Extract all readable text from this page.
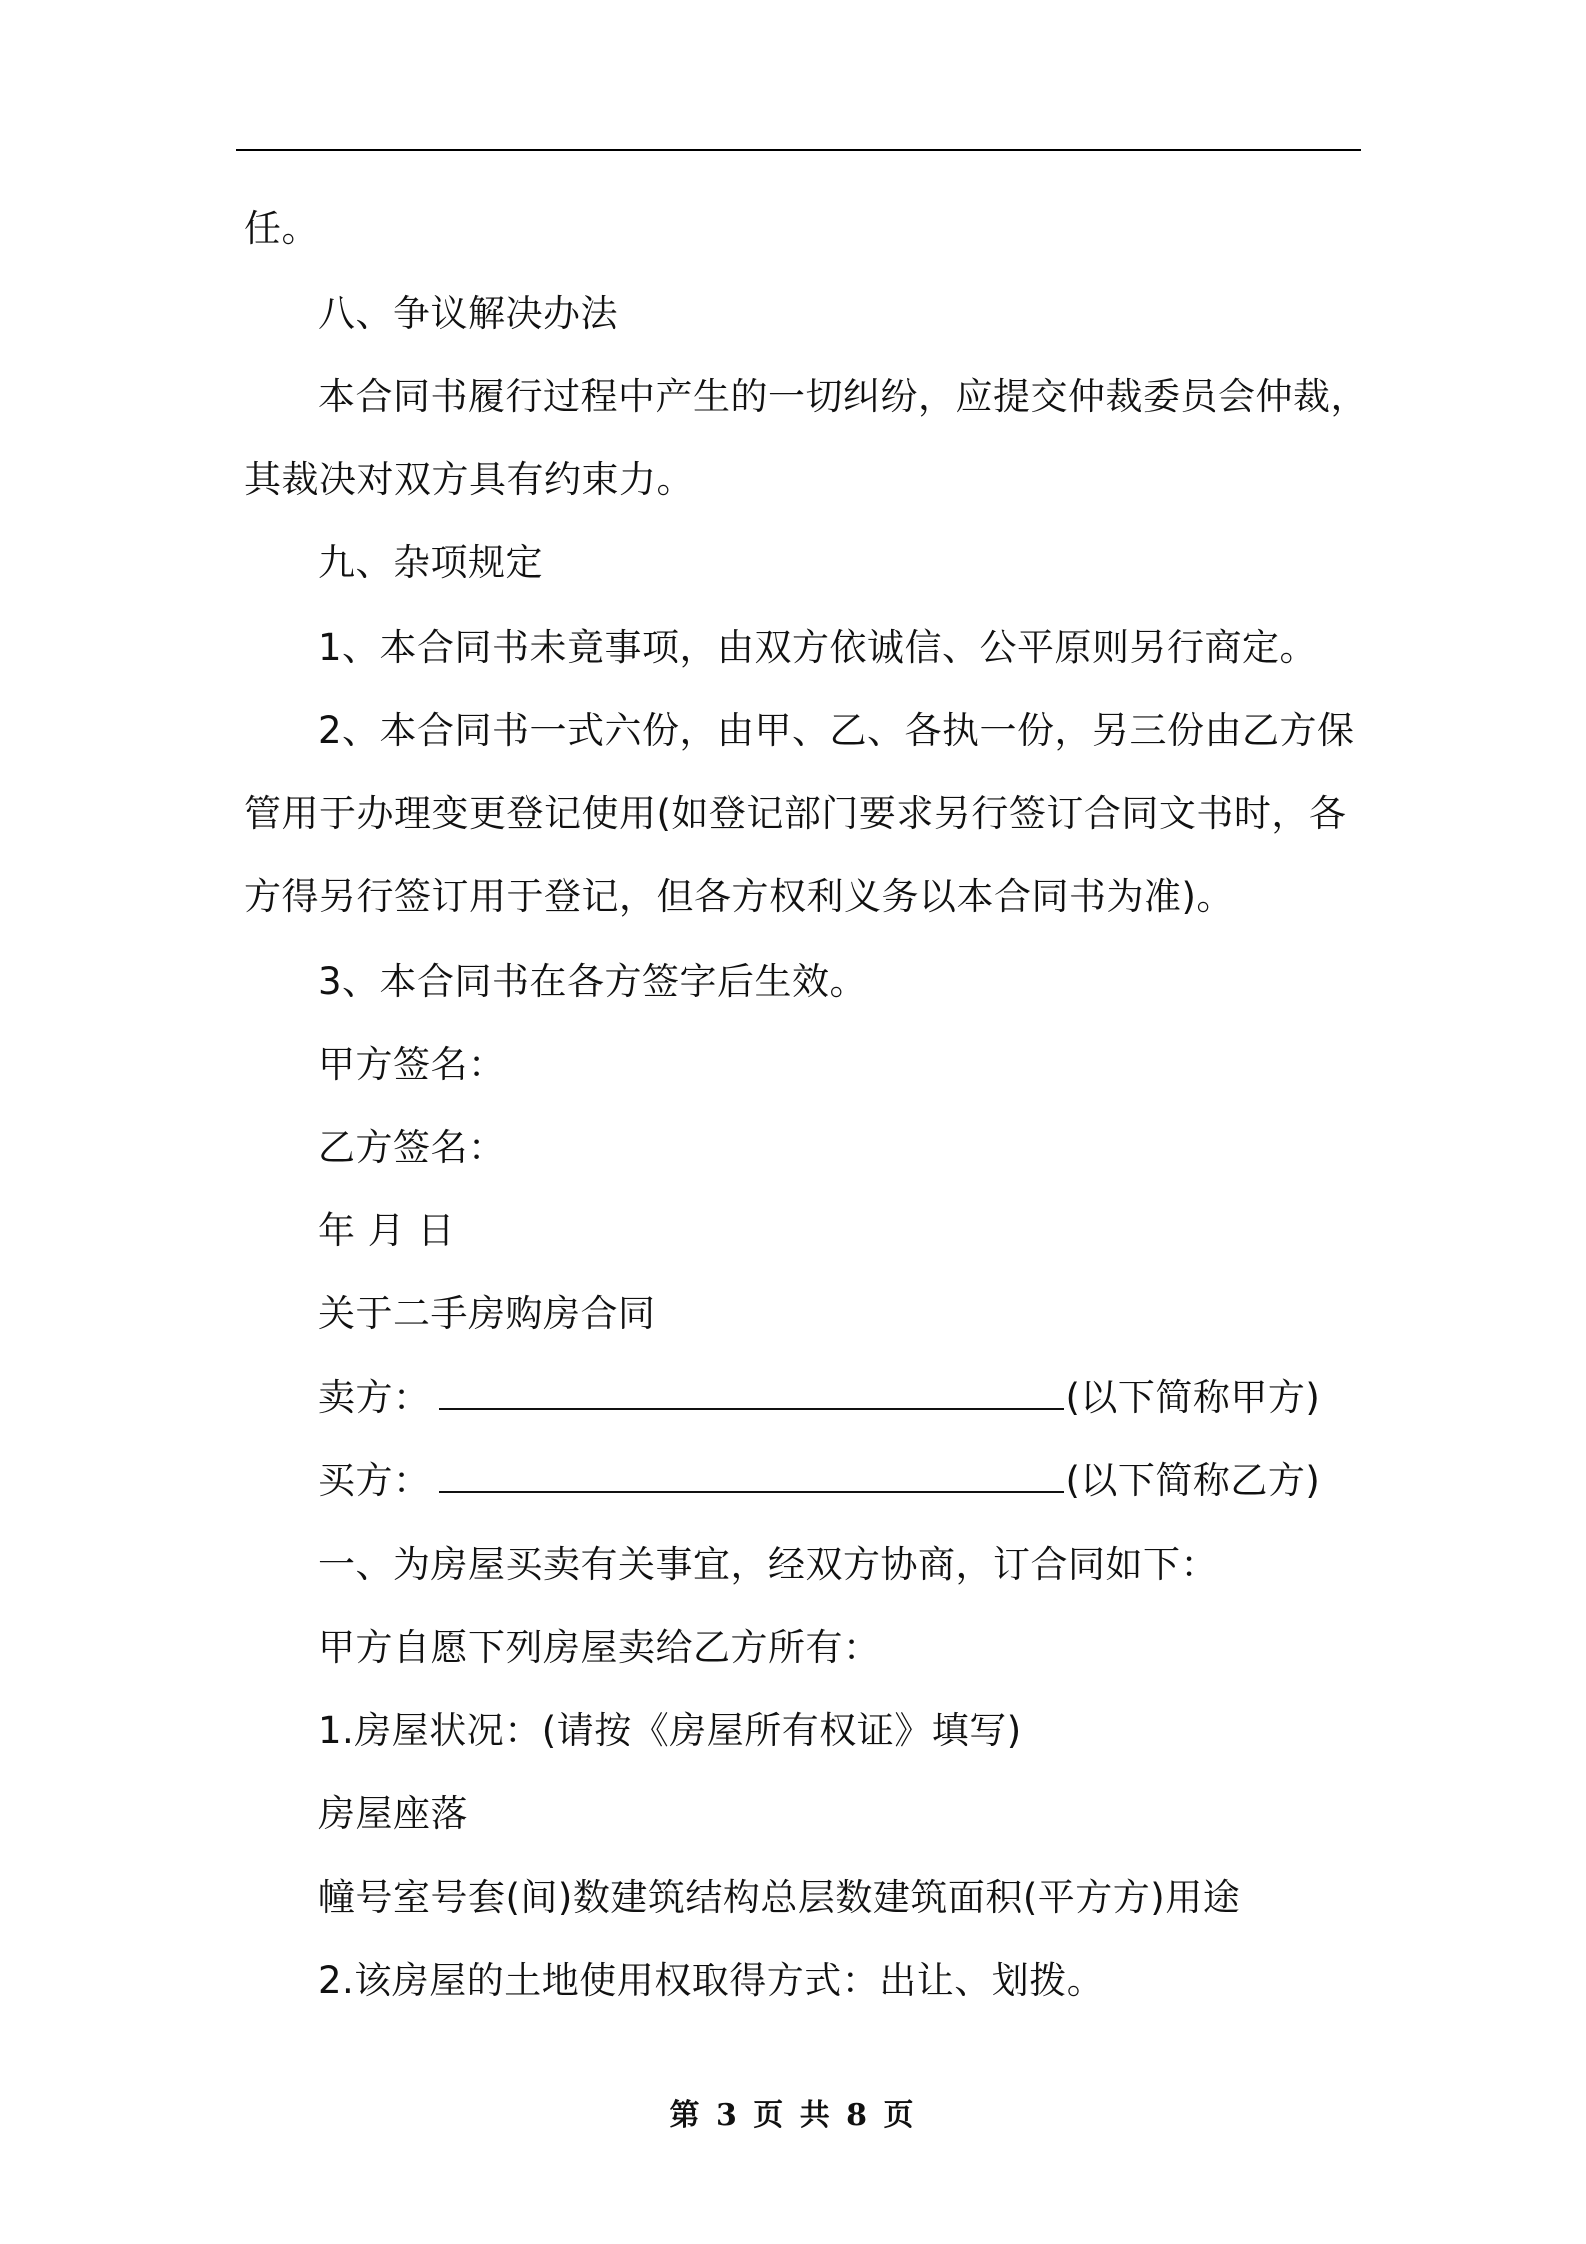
任。
八、争议解决办法
本合同书履行过程中产生的一切纠纷，应提交仲裁委员会仲裁，
其裁决对双方具有约束力。
九、杂项规定
1、本合同书未竟事项，由双方依诚信、公平原则另行商定。
2、本合同书一式六份，由甲、乙、各执一份，另三份由乙方保
管用于办理变更登记使用(如登记部门要求另行签订合同文书时，各
方得另行签订用于登记，但各方权利义务以本合同书为准)。
3、本合同书在各方签字后生效。
甲方签名：
乙方签名：
年 月 日
关于二手房购房合同
卖方：	(以下简称甲方)
买方：	(以下简称乙方)
一、为房屋买卖有关事宜，经双方协商，订合同如下：
甲方自愿下列房屋卖给乙方所有：
1.房屋状况：(请按《房屋所有权证》填写)
房屋座落
幢号室号套(间)数建筑结构总层数建筑面积(平方方)用途
2.该房屋的土地使用权取得方式：出让、划拨。
第 3 页 共 8 页
